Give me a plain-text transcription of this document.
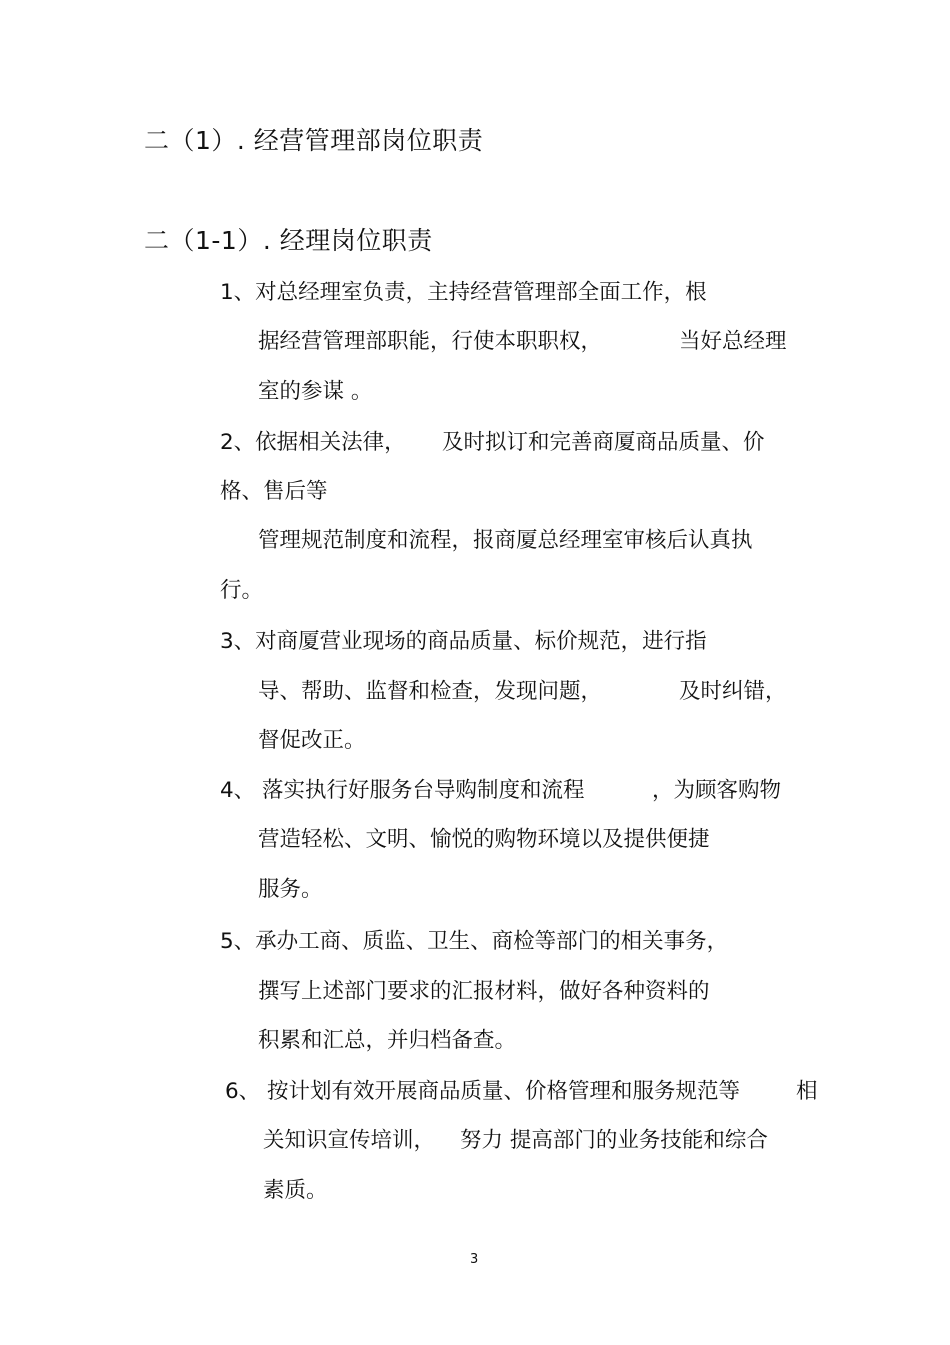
二（1）. 经营管理部岗位职责
二（1-1）. 经理岗位职责
1、对总经理室负责，主持经营管理部全面工作，根
据经营管理部职能，行使本职职权，	当好总经理
室的参谋 。
2、依据相关法律， 及时拟订和完善商厦商品质量、价
格、售后等
管理规范制度和流程，报商厦总经理室审核后认真执
行。
3、对商厦营业现场的商品质量、标价规范，进行指
导、帮助、监督和检查，发现问题，	及时纠错，
督促改正。
4、 落实执行好服务台导购制度和流程	，为顾客购物
营造轻松、文明、愉悦的购物环境以及提供便捷
服务。
5、承办工商、质监、卫生、商检等部门的相关事务，
撰写上述部门要求的汇报材料，做好各种资料的
积累和汇总，并归档备查。
6、 按计划有效开展商品质量、价格管理和服务规范等	相
关知识宣传培训， 努力 提高部门的业务技能和综合
素质。
3
